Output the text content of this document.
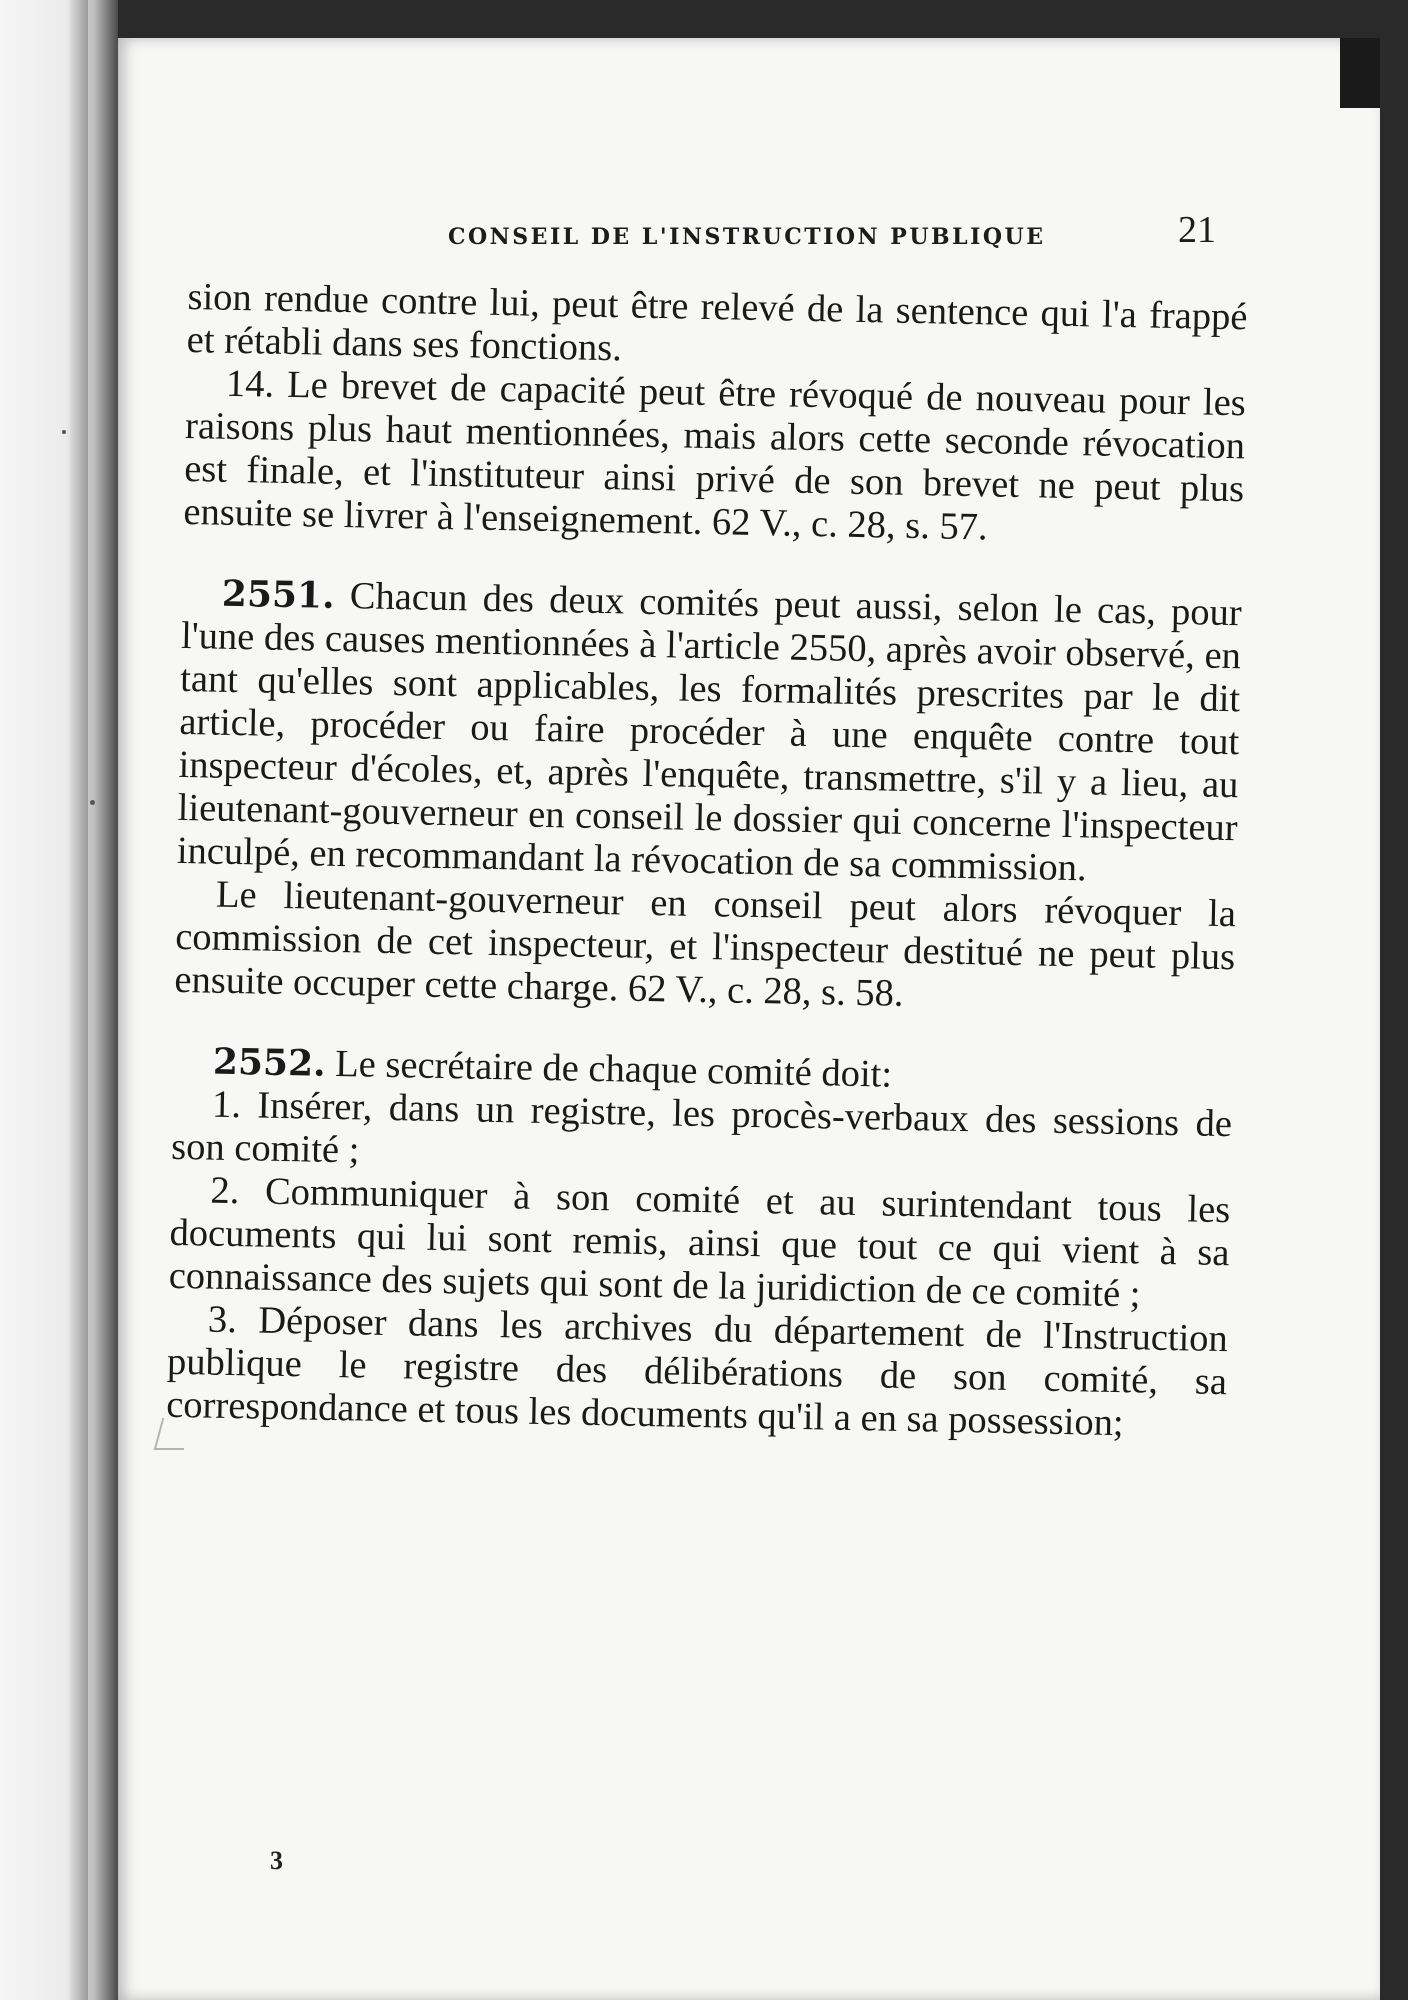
CONSEIL DE L'INSTRUCTION PUBLIQUE	21

sion rendue contre lui, peut être relevé de la sentence qui l'a frappé et rétabli dans ses fonctions.

14. Le brevet de capacité peut être révoqué de nouveau pour les raisons plus haut mentionnées, mais alors cette seconde révocation est finale, et l'instituteur ainsi privé de son brevet ne peut plus ensuite se livrer à l'enseignement. 62 V., c. 28, s. 57.

2551. Chacun des deux comités peut aussi, selon le cas, pour l'une des causes mentionnées à l'article 2550, après avoir observé, en tant qu'elles sont applicables, les formalités prescrites par le dit article, procéder ou faire procéder à une enquête contre tout inspecteur d'écoles, et, après l'enquête, transmettre, s'il y a lieu, au lieutenant-gouverneur en conseil le dossier qui concerne l'inspecteur inculpé, en recommandant la révocation de sa commission.

Le lieutenant-gouverneur en conseil peut alors révoquer la commission de cet inspecteur, et l'inspecteur destitué ne peut plus ensuite occuper cette charge. 62 V., c. 28, s. 58.

2552. Le secrétaire de chaque comité doit:

1. Insérer, dans un registre, les procès-verbaux des sessions de son comité ;

2. Communiquer à son comité et au surintendant tous les documents qui lui sont remis, ainsi que tout ce qui vient à sa connaissance des sujets qui sont de la juridiction de ce comité ;

3. Déposer dans les archives du département de l'Instruction publique le registre des délibérations de son comité, sa correspondance et tous les documents qu'il a en sa possession;

3
